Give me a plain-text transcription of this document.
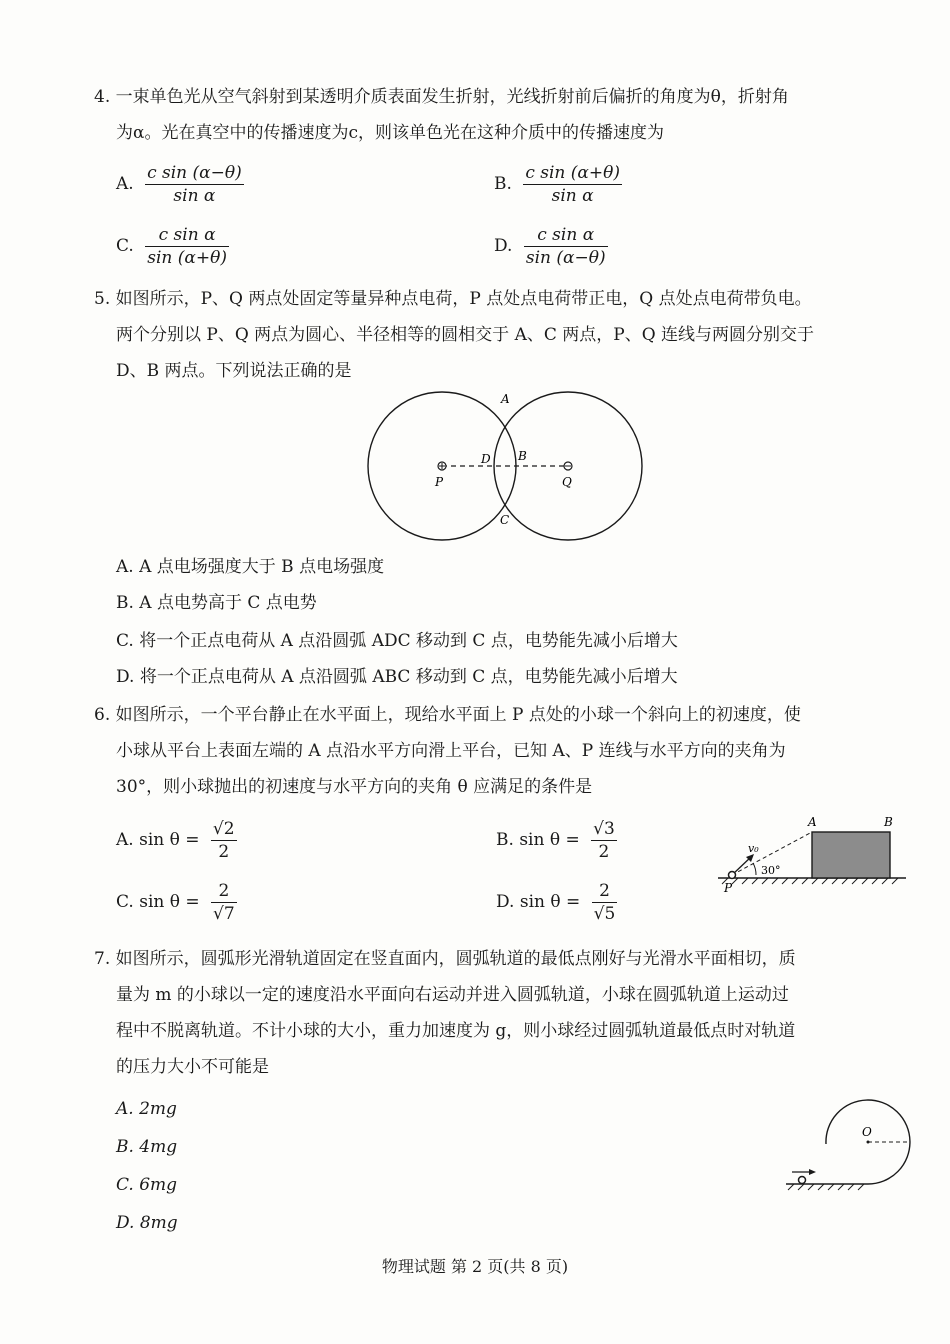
4. 一束单色光从空气斜射到某透明介质表面发生折射，光线折射前后偏折的角度为θ，折射角
为α。光在真空中的传播速度为c，则该单色光在这种介质中的传播速度为
A. $\frac{\text{c sin (α−θ)}}{\text{sin α}}$	B. $\frac{\text{c sin (α+θ)}}{\text{sin α}}$
C. $\frac{\text{c sin α}}{\sin (\alpha+\theta)}$	D. $\frac{\text{c sin α}}{\sin (\alpha-\theta)}$
5. 如图所示，P、Q 两点处固定等量异种点电荷，P 点处点电荷带正电，Q 点处点电荷带负电。
两个分别以 P、Q 两点为圆心、半径相等的圆相交于 A、C 两点，P、Q 连线与两圆分别交于
D、B 两点。下列说法正确的是
A
D B
P	Q
C
A. A 点电场强度大于 B 点电场强度
B. A 点电势高于 C 点电势
C. 将一个正点电荷从 A 点沿圆弧 ADC 移动到 C 点，电势能先减小后增大
D. 将一个正点电荷从 A 点沿圆弧 ABC 移动到 C 点，电势能先减小后增大
6. 如图所示，一个平台静止在水平面上，现给水平面上 P 点处的小球一个斜向上的初速度，使
小球从平台上表面左端的 A 点沿水平方向滑上平台，已知 A、P 连线与水平方向的夹角为
30°，则小球抛出的初速度与水平方向的夹角 θ 应满足的条件是
A. $\sin \theta = \frac{√2}{2}$	B. $\sin \theta = \frac{√3}{2}$
C. $\sin \theta = \frac{2}{√7}$	D. $\sin \theta = \frac{2}{√5}$
v₀
30°
A	B
P
7. 如图所示，圆弧形光滑轨道固定在竖直面内，圆弧轨道的最低点刚好与光滑水平面相切，质
量为 m 的小球以一定的速度沿水平面向右运动并进入圆弧轨道，小球在圆弧轨道上运动过
程中不脱离轨道。不计小球的大小，重力加速度为 g，则小球经过圆弧轨道最低点时对轨道
的压力大小不可能是
A. 2mg
B. 4mg
C. 6mg
D. 8mg
O
物理试题 第 2 页(共 8 页)
